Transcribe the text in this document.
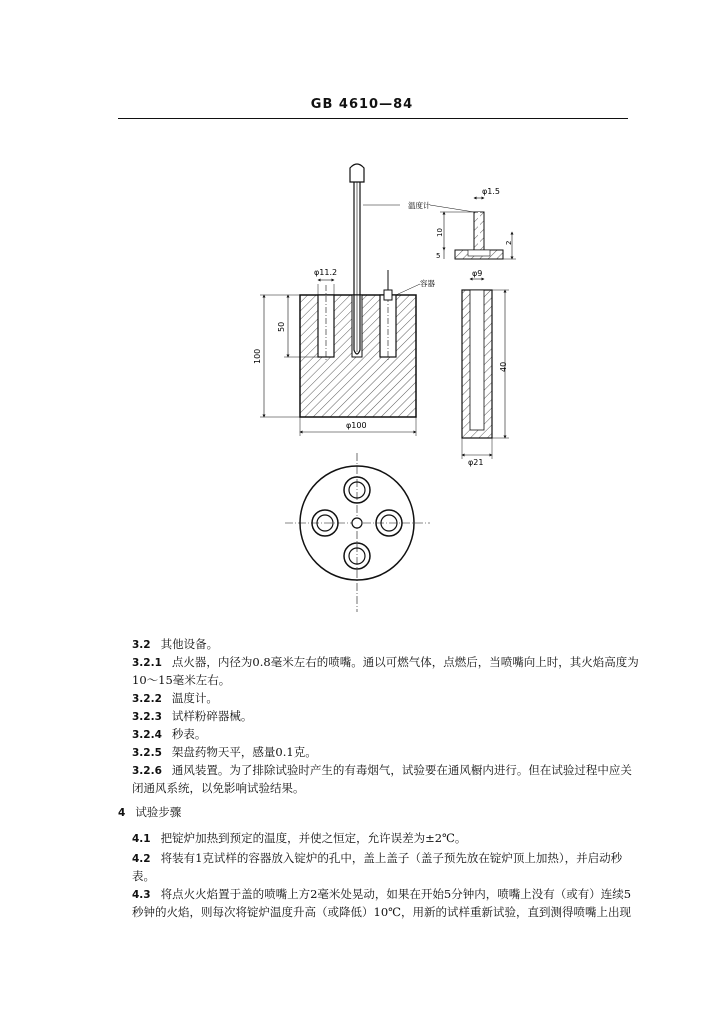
GB 4610—84
φ11.2
50
100
φ100
温度计
容器
φ1.5
10
5
2
φ9
40
φ21
3.2 其他设备。
3.2.1 点火器，内径为0.8毫米左右的喷嘴。通以可燃气体，点燃后，当喷嘴向上时，其火焰高度为10～15毫米左右。
3.2.2 温度计。
3.2.3 试样粉碎器械。
3.2.4 秒表。
3.2.5 架盘药物天平，感量0.1克。
3.2.6 通风装置。为了排除试验时产生的有毒烟气，试验要在通风橱内进行。但在试验过程中应关闭通风系统，以免影响试验结果。
4 试验步骤
4.1 把锭炉加热到预定的温度，并使之恒定，允许误差为±2℃。
4.2 将装有1克试样的容器放入锭炉的孔中，盖上盖子（盖子预先放在锭炉顶上加热），并启动秒表。
4.3 将点火火焰置于盖的喷嘴上方2毫米处晃动，如果在开始5分钟内，喷嘴上没有（或有）连续5秒钟的火焰，则每次将锭炉温度升高（或降低）10℃，用新的试样重新试验，直到测得喷嘴上出现
